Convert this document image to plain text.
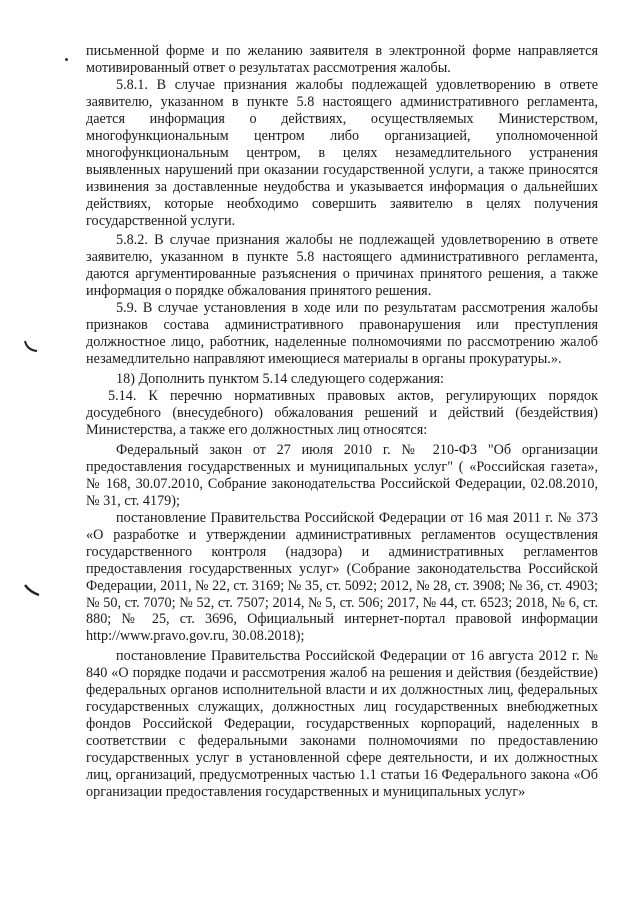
письменной форме и по желанию заявителя в электронной форме направляется мотивированный ответ о результатах рассмотрения жалобы.

5.8.1. В случае признания жалобы подлежащей удовлетворению в ответе заявителю, указанном в пункте 5.8 настоящего административного регламента, дается информация о действиях, осуществляемых Министерством, многофункциональным центром либо организацией, уполномоченной многофункциональным центром, в целях незамедлительного устранения выявленных нарушений при оказании государственной услуги, а также приносятся извинения за доставленные неудобства и указывается информация о дальнейших действиях, которые необходимо совершить заявителю в целях получения государственной услуги.

5.8.2. В случае признания жалобы не подлежащей удовлетворению в ответе заявителю, указанном в пункте 5.8 настоящего административного регламента, даются аргументированные разъяснения о причинах принятого решения, а также информация о порядке обжалования принятого решения.

5.9. В случае установления в ходе или по результатам рассмотрения жалобы признаков состава административного правонарушения или преступления должностное лицо, работник, наделенные полномочиями по рассмотрению жалоб незамедлительно направляют имеющиеся материалы в органы прокуратуры.».

18) Дополнить пунктом 5.14 следующего содержания:

5.14. К перечню нормативных правовых актов, регулирующих порядок досудебного (внесудебного) обжалования решений и действий (бездействия) Министерства, а также его должностных лиц относятся:

Федеральный закон от 27 июля 2010 г. № 210-ФЗ "Об организации предоставления государственных и муниципальных услуг" ( «Российская газета», № 168, 30.07.2010, Собрание законодательства Российской Федерации, 02.08.2010, № 31, ст. 4179);

постановление Правительства Российской Федерации от 16 мая 2011 г. № 373 «О разработке и утверждении административных регламентов осуществления государственного контроля (надзора) и административных регламентов предоставления государственных услуг» (Собрание законодательства Российской Федерации, 2011, № 22, ст. 3169; № 35, ст. 5092; 2012, № 28, ст. 3908; № 36, ст. 4903; № 50, ст. 7070; № 52, ст. 7507; 2014, № 5, ст. 506; 2017, № 44, ст. 6523; 2018, № 6, ст. 880; № 25, ст. 3696, Официальный интернет-портал правовой информации http://www.pravo.gov.ru, 30.08.2018);

постановление Правительства Российской Федерации от 16 августа 2012 г. № 840 «О порядке подачи и рассмотрения жалоб на решения и действия (бездействие) федеральных органов исполнительной власти и их должностных лиц, федеральных государственных служащих, должностных лиц государственных внебюджетных фондов Российской Федерации, государственных корпораций, наделенных в соответствии с федеральными законами полномочиями по предоставлению государственных услуг в установленной сфере деятельности, и их должностных лиц, организаций, предусмотренных частью 1.1 статьи 16 Федерального закона «Об организации предоставления государственных и муниципальных услуг»
